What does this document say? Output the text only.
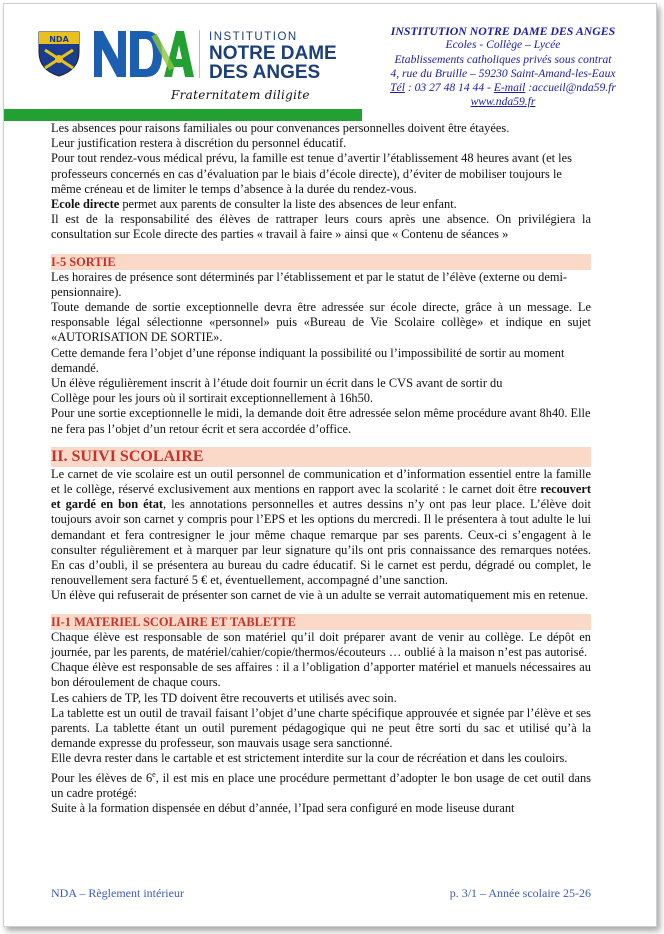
NDA	INSTITUTION
NOTRE DAME
DES ANGES
Fraternitatem diligite
INSTITUTION NOTRE DAME DES ANGES
Ecoles - Collège – Lycée
Etablissements catholiques privés sous contrat
4, rue du Bruille – 59230 Saint-Amand-les-Eaux
Tél : 03 27 48 14 44 - E-mail :accueil@nda59.fr
www.nda59.fr

Les absences pour raisons familiales ou pour convenances personnelles doivent être étayées.

Leur justification restera à discrétion du personnel éducatif.

Pour tout rendez-vous médical prévu, la famille est tenue d’avertir l’établissement 48 heures avant (et les professeurs concernés en cas d’évaluation par le biais d’école directe), d’éviter de mobiliser toujours le même créneau et de limiter le temps d’absence à la durée du rendez-vous.

Ecole directe permet aux parents de consulter la liste des absences de leur enfant.

Il est de la responsabilité des élèves de rattraper leurs cours après une absence. On privilégiera la consultation sur Ecole directe des parties « travail à faire » ainsi que « Contenu de séances »

I-5 SORTIE

Les horaires de présence sont déterminés par l’établissement et par le statut de l’élève (externe ou demi-pensionnaire).

Toute demande de sortie exceptionnelle devra être adressée sur école directe, grâce à un message. Le responsable légal sélectionne «personnel» puis «Bureau de Vie Scolaire collège» et indique en sujet «AUTORISATION DE SORTIE».

Cette demande fera l’objet d’une réponse indiquant la possibilité ou l’impossibilité de sortir au moment demandé.

Un élève régulièrement inscrit à l’étude doit fournir un écrit dans le CVS avant de sortir du

Collège pour les jours où il sortirait exceptionnellement à 16h50.

Pour une sortie exceptionnelle le midi, la demande doit être adressée selon même procédure avant 8h40. Elle ne fera pas l’objet d’un retour écrit et sera accordée d’office.

II. SUIVI SCOLAIRE

Le carnet de vie scolaire est un outil personnel de communication et d’information essentiel entre la famille et le collège, réservé exclusivement aux mentions en rapport avec la scolarité : le carnet doit être recouvert et gardé en bon état, les annotations personnelles et autres dessins n’y ont pas leur place. L’élève doit toujours avoir son carnet y compris pour l’EPS et les options du mercredi. Il le présentera à tout adulte le lui demandant et fera contresigner le jour même chaque remarque par ses parents. Ceux-ci s’engagent à le consulter régulièrement et à marquer par leur signature qu’ils ont pris connaissance des remarques notées. En cas d’oubli, il se présentera au bureau du cadre éducatif. Si le carnet est perdu, dégradé ou complet, le renouvellement sera facturé 5 € et, éventuellement, accompagné d’une sanction.

Un élève qui refuserait de présenter son carnet de vie à un adulte se verrait automatiquement mis en retenue.

II-1 MATERIEL SCOLAIRE ET TABLETTE

Chaque élève est responsable de son matériel qu’il doit préparer avant de venir au collège. Le dépôt en journée, par les parents, de matériel/cahier/copie/thermos/écouteurs … oublié à la maison n’est pas autorisé.

Chaque élève est responsable de ses affaires : il a l’obligation d’apporter matériel et manuels nécessaires au bon déroulement de chaque cours.

Les cahiers de TP, les TD doivent être recouverts et utilisés avec soin.

La tablette est un outil de travail faisant l’objet d’une charte spécifique approuvée et signée par l’élève et ses parents. La tablette étant un outil purement pédagogique qui ne peut être sorti du sac et utilisé qu’à la demande expresse du professeur, son mauvais usage sera sanctionné.

Elle devra rester dans le cartable et est strictement interdite sur la cour de récréation et dans les couloirs.

Pour les élèves de 6e, il est mis en place une procédure permettant d’adopter le bon usage de cet outil dans un cadre protégé:

Suite à la formation dispensée en début d’année, l’Ipad sera configuré en mode liseuse durant

NDA – Règlement intérieur	p. 3/1 – Année scolaire 25-26
